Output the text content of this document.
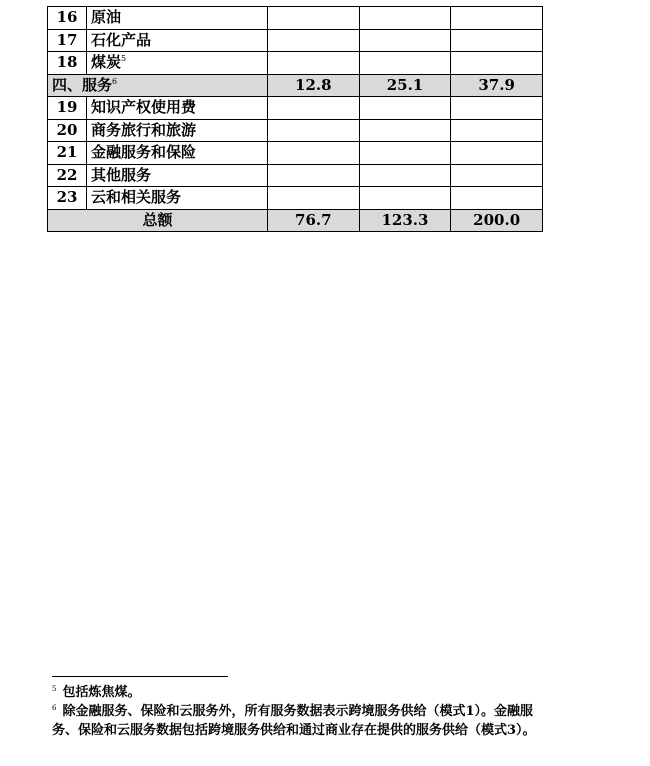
16	原油			
17	石化产品			
18	煤炭$^5$			
四、服务$^6$		12.8	25.1	37.9
19	知识产权使用费			
20	商务旅行和旅游			
21	金融服务和保险			
22	其他服务			
23	云和相关服务			
总额		76.7	123.3	200.0
$^5$ 包括炼焦煤。
$^6$ 除金融服务、保险和云服务外，所有服务数据表示跨境服务供给（模式1）。金融服务、保险和云服务数据包括跨境服务供给和通过商业存在提供的服务供给（模式3）。
